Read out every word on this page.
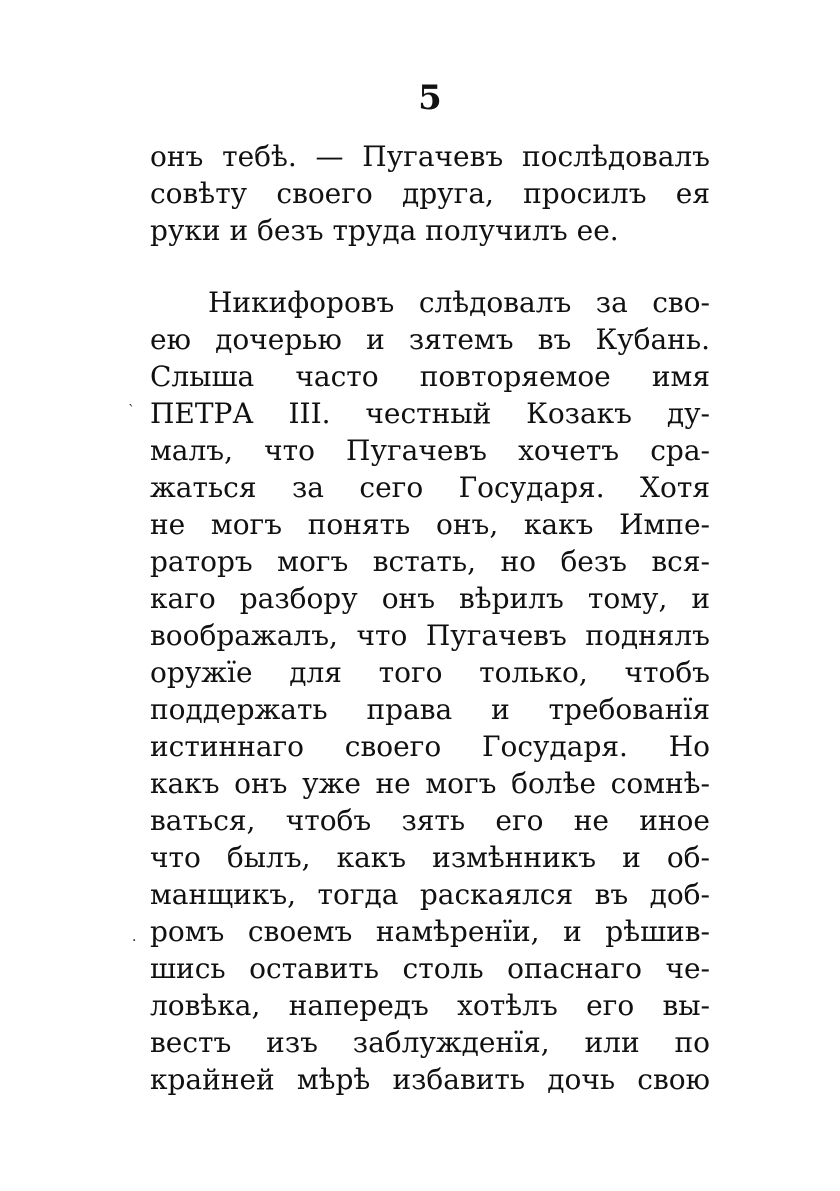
5
онъ тебѣ. — Пугачевъ послѣдовалъ
совѣту своего друга, просилъ ея
руки и безъ труда получилъ ее.
Никифоровъ слѣдовалъ за сво-
ею дочерью и зятемъ въ Кубань.
Слыша часто повторяемое имя
ПЕТРА III. честный Козакъ ду-
малъ, что Пугачевъ хочетъ сра-
жаться за сего Государя. Хотя
не могъ понять онъ, какъ Импе-
раторъ могъ встать, но безъ вся-
каго разбору онъ вѣрилъ тому, и
воображалъ, что Пугачевъ поднялъ
оружїе для того только, чтобъ
поддержать права и требованїя
истиннаго своего Государя. Но
какъ онъ уже не могъ болѣе сомнѣ-
ваться, чтобъ зять его не иное
что былъ, какъ измѣнникъ и об-
манщикъ, тогда раскаялся въ доб-
ромъ своемъ намѣренїи, и рѣшив-
шись оставить столь опаснаго че-
ловѣка, напередъ хотѣлъ его вы-
вестъ изъ заблужденїя, или по
крайней мѣрѣ избавить дочь свою
ˋ
·
